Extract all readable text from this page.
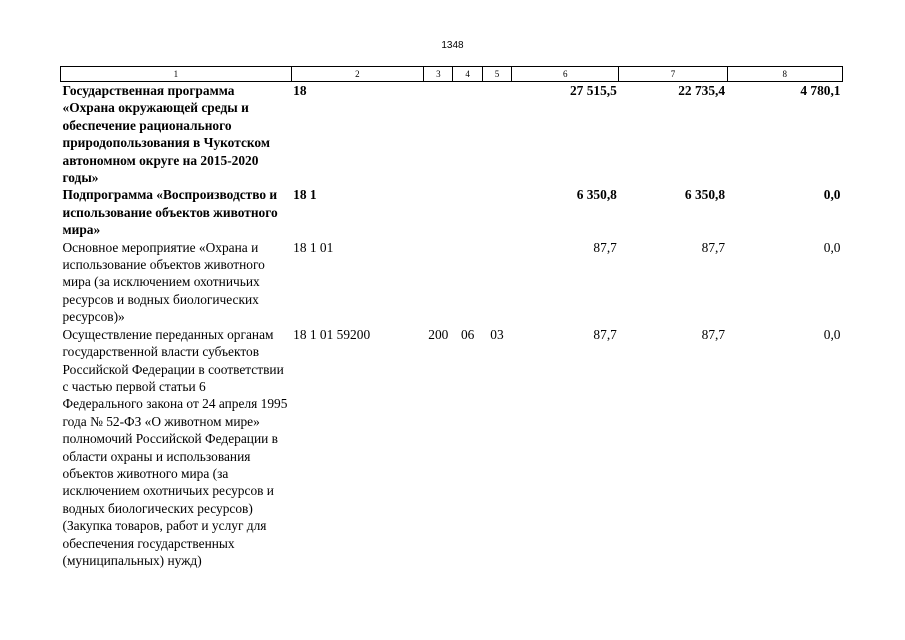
1348
1	2	3	4	5	6	7	8
Государственная программа «Охрана окружающей среды и обеспечение рационального природопользования в Чукотском автономном округе на 2015-2020 годы»	18				27 515,5	22 735,4	4 780,1
Подпрограмма «Воспроизводство и использование объектов животного мира»	18 1				6 350,8	6 350,8	0,0
Основное мероприятие «Охрана и использование объектов животного мира (за исключением охотничьих ресурсов и водных биологических ресурсов)»	18 1 01				87,7	87,7	0,0
Осуществление переданных органам государственной власти субъектов Российской Федерации в соответствии с частью первой статьи 6 Федерального закона от 24 апреля 1995 года № 52-ФЗ «О животном мире» полномочий Российской Федерации в области охраны и использования объектов животного мира (за исключением охотничьих ресурсов и водных биологических ресурсов) (Закупка товаров, работ и услуг для обеспечения государственных (муниципальных) нужд)	18 1 01 59200	200	06	03	87,7	87,7	0,0
